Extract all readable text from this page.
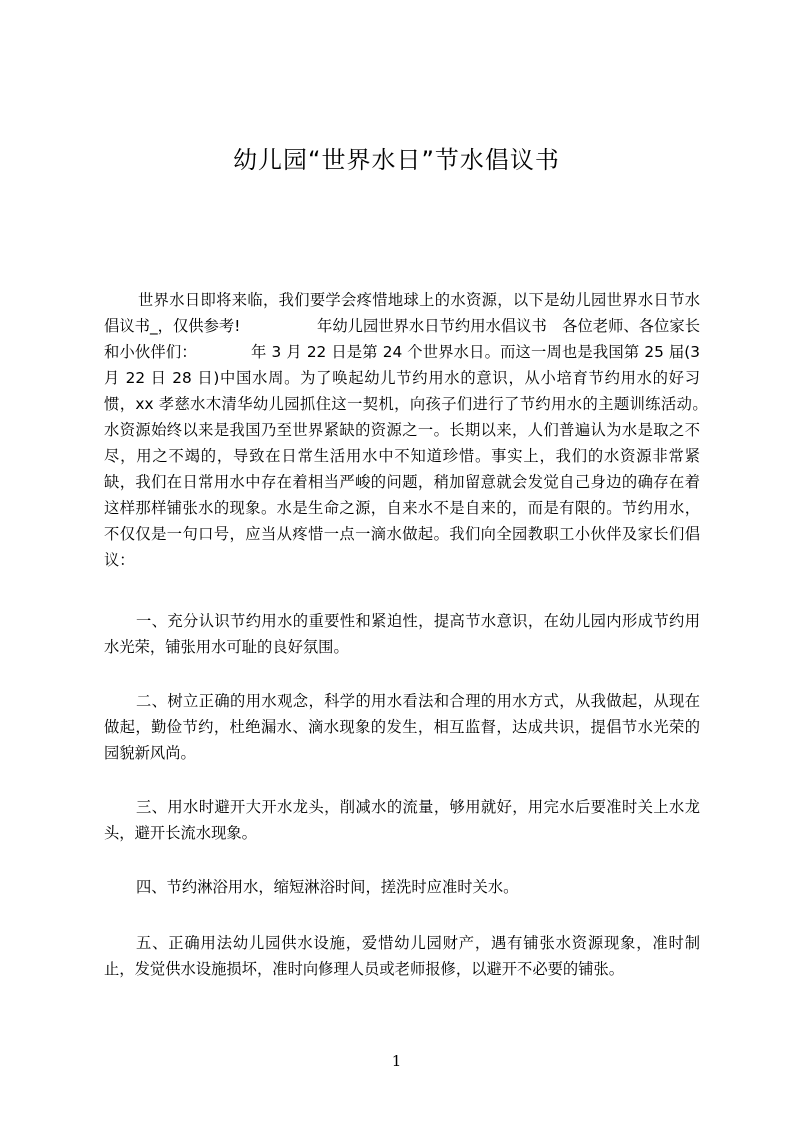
幼儿园“世界水日”节水倡议书

世界水日即将来临，我们要学会疼惜地球上的水资源，以下是幼儿园世界水日节水倡议书_，仅供参考!　　　　　年幼儿园世界水日节约用水倡议书　各位老师、各位家长和小伙伴们：　　　　年 3 月 22 日是第 24 个世界水日。而这一周也是我国第 25 届(3 月 22 日 28 日)中国水周。为了唤起幼儿节约用水的意识，从小培育节约用水的好习惯，xx 孝慈水木清华幼儿园抓住这一契机，向孩子们进行了节约用水的主题训练活动。　水资源始终以来是我国乃至世界紧缺的资源之一。长期以来，人们普遍认为水是取之不尽，用之不竭的，导致在日常生活用水中不知道珍惜。事实上，我们的水资源非常紧缺，我们在日常用水中存在着相当严峻的问题，稍加留意就会发觉自己身边的确存在着这样那样铺张水的现象。水是生命之源，自来水不是自来的，而是有限的。节约用水，不仅仅是一句口号，应当从疼惜一点一滴水做起。我们向全园教职工小伙伴及家长们倡议：

一、充分认识节约用水的重要性和紧迫性，提高节水意识，在幼儿园内形成节约用水光荣，铺张用水可耻的良好氛围。

二、树立正确的用水观念，科学的用水看法和合理的用水方式，从我做起，从现在做起，勤俭节约，杜绝漏水、滴水现象的发生，相互监督，达成共识，提倡节水光荣的园貌新风尚。

三、用水时避开大开水龙头，削减水的流量，够用就好，用完水后要准时关上水龙头，避开长流水现象。

四、节约淋浴用水，缩短淋浴时间，搓洗时应准时关水。

五、正确用法幼儿园供水设施，爱惜幼儿园财产，遇有铺张水资源现象，准时制止，发觉供水设施损坏，准时向修理人员或老师报修，以避开不必要的铺张。

1
